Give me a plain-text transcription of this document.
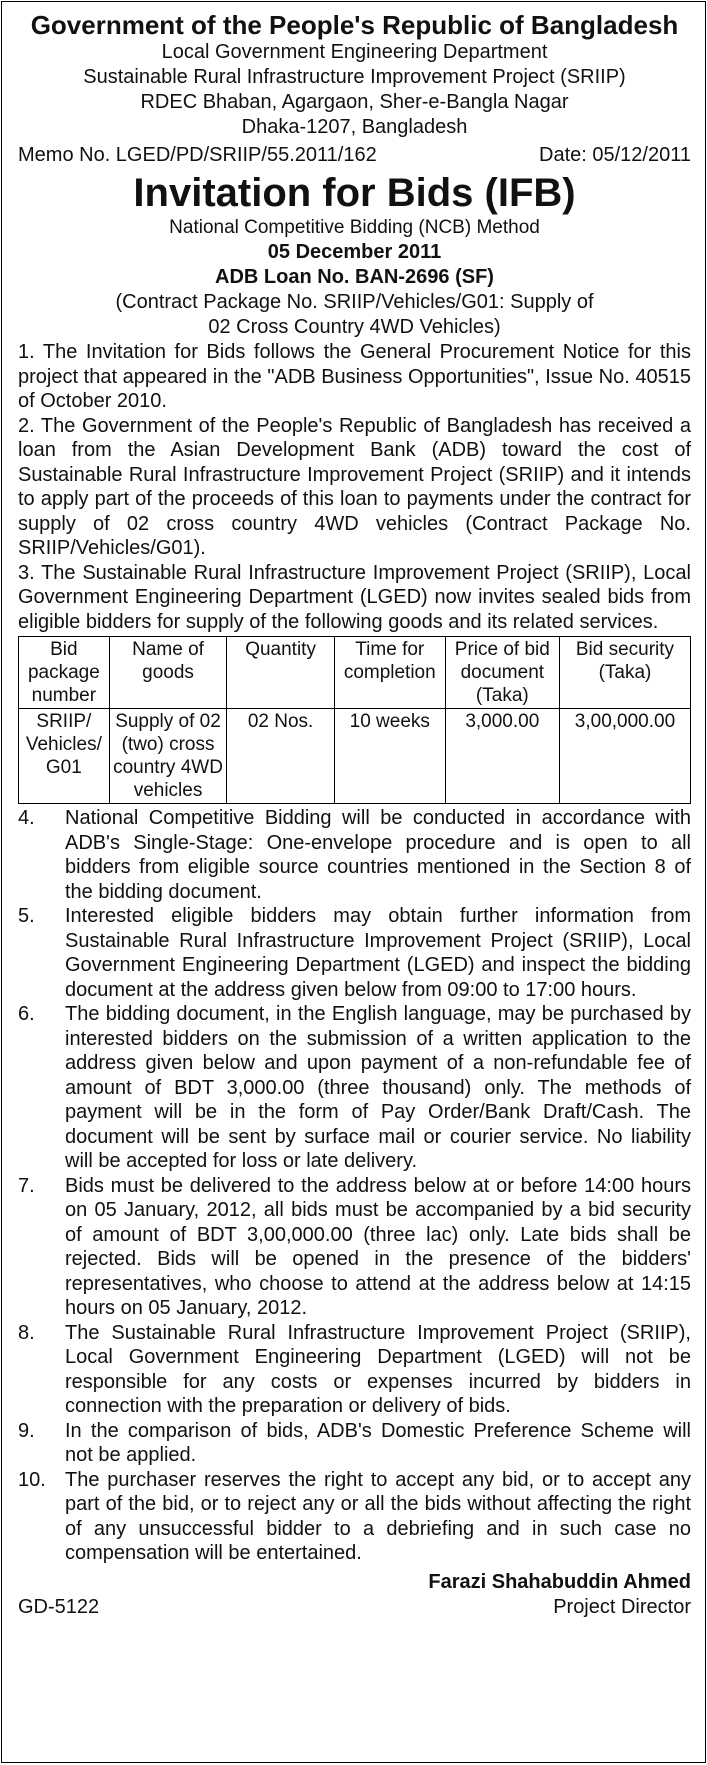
Government of the People's Republic of Bangladesh
Local Government Engineering Department
Sustainable Rural Infrastructure Improvement Project (SRIIP)
RDEC Bhaban, Agargaon, Sher-e-Bangla Nagar
Dhaka-1207, Bangladesh
Memo No. LGED/PD/SRIIP/55.2011/162	Date: 05/12/2011
Invitation for Bids (IFB)
National Competitive Bidding (NCB) Method
05 December 2011
ADB Loan No. BAN-2696 (SF)
(Contract Package No. SRIIP/Vehicles/G01: Supply of
02 Cross Country 4WD Vehicles)
1. The Invitation for Bids follows the General Procurement Notice for this project that appeared in the "ADB Business Opportunities", Issue No. 40515 of October 2010.
2. The Government of the People's Republic of Bangladesh has received a loan from the Asian Development Bank (ADB) toward the cost of Sustainable Rural Infrastructure Improvement Project (SRIIP) and it intends to apply part of the proceeds of this loan to payments under the contract for supply of 02 cross country 4WD vehicles (Contract Package No. SRIIP/Vehicles/G01).
3. The Sustainable Rural Infrastructure Improvement Project (SRIIP), Local Government Engineering Department (LGED) now invites sealed bids from eligible bidders for supply of the following goods and its related services.
Bid package number	Name of goods	Quantity	Time for completion	Price of bid document (Taka)	Bid security (Taka)
SRIIP/ Vehicles/ G01	Supply of 02 (two) cross country 4WD vehicles	02 Nos.	10 weeks	3,000.00	3,00,000.00
4.	National Competitive Bidding will be conducted in accordance with ADB's Single-Stage: One-envelope procedure and is open to all bidders from eligible source countries mentioned in the Section 8 of the bidding document.
5.	Interested eligible bidders may obtain further information from Sustainable Rural Infrastructure Improvement Project (SRIIP), Local Government Engineering Department (LGED) and inspect the bidding document at the address given below from 09:00 to 17:00 hours.
6.	The bidding document, in the English language, may be purchased by interested bidders on the submission of a written application to the address given below and upon payment of a non-refundable fee of amount of BDT 3,000.00 (three thousand) only. The methods of payment will be in the form of Pay Order/Bank Draft/Cash. The document will be sent by surface mail or courier service. No liability will be accepted for loss or late delivery.
7.	Bids must be delivered to the address below at or before 14:00 hours on 05 January, 2012, all bids must be accompanied by a bid security of amount of BDT 3,00,000.00 (three lac) only. Late bids shall be rejected. Bids will be opened in the presence of the bidders' representatives, who choose to attend at the address below at 14:15 hours on 05 January, 2012.
8.	The Sustainable Rural Infrastructure Improvement Project (SRIIP), Local Government Engineering Department (LGED) will not be responsible for any costs or expenses incurred by bidders in connection with the preparation or delivery of bids.
9.	In the comparison of bids, ADB's Domestic Preference Scheme will not be applied.
10. The purchaser reserves the right to accept any bid, or to accept any part of the bid, or to reject any or all the bids without affecting the right of any unsuccessful bidder to a debriefing and in such case no compensation will be entertained.
GD-5122
Farazi Shahabuddin Ahmed
Project Director
